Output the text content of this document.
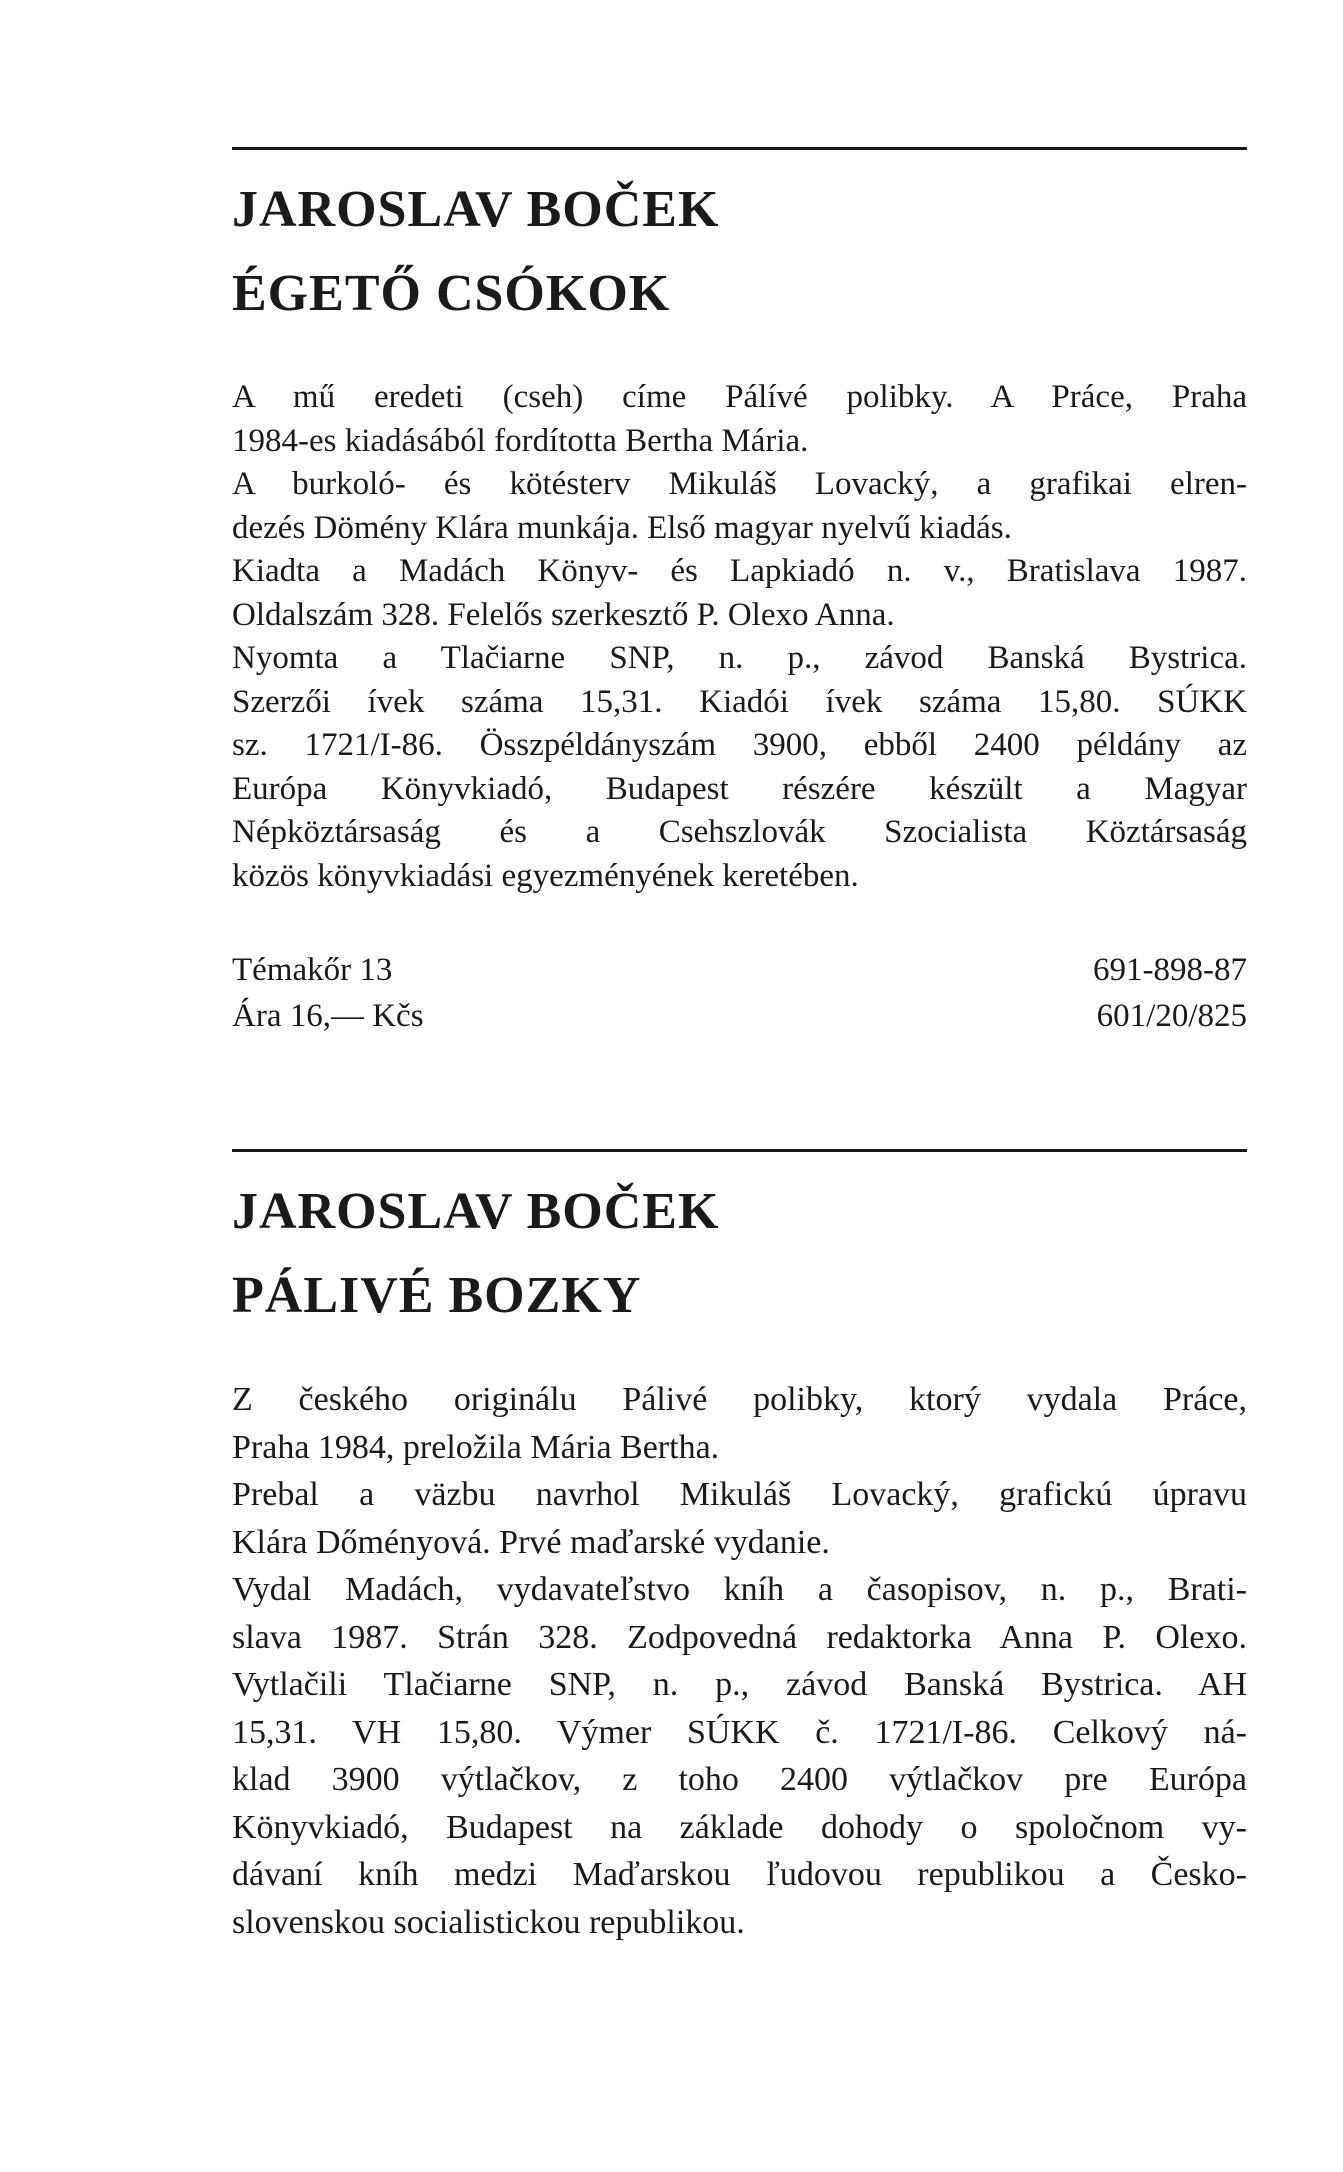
JAROSLAV BOČEK
ÉGETŐ CSÓKOK
A mű eredeti (cseh) címe Pálívé polibky. A Práce, Praha
1984-es kiadásából fordította Bertha Mária.
A burkoló- és kötésterv Mikuláš Lovacký, a grafikai elren-
dezés Dömény Klára munkája. Első magyar nyelvű kiadás.
Kiadta a Madách Könyv- és Lapkiadó n. v., Bratislava 1987.
Oldalszám 328. Felelős szerkesztő P. Olexo Anna.
Nyomta a Tlačiarne SNP, n. p., závod Banská Bystrica.
Szerzői ívek száma 15,31. Kiadói ívek száma 15,80. SÚKK
sz. 1721/I-86. Összpéldányszám 3900, ebből 2400 példány az
Európa Könyvkiadó, Budapest részére készült a Magyar
Népköztársaság és a Csehszlovák Szocialista Köztársaság
közös könyvkiadási egyezményének keretében.
Témakőr 13	691-898-87
Ára 16,— Kčs	601/20/825
JAROSLAV BOČEK
PÁLIVÉ BOZKY
Z českého originálu Pálivé polibky, ktorý vydala Práce,
Praha 1984, preložila Mária Bertha.
Prebal a väzbu navrhol Mikuláš Lovacký, grafickú úpravu
Klára Dőményová. Prvé maďarské vydanie.
Vydal Madách, vydavateľstvo kníh a časopisov, n. p., Brati-
slava 1987. Strán 328. Zodpovedná redaktorka Anna P. Olexo.
Vytlačili Tlačiarne SNP, n. p., závod Banská Bystrica. AH
15,31. VH 15,80. Výmer SÚKK č. 1721/I-86. Celkový ná-
klad 3900 výtlačkov, z toho 2400 výtlačkov pre Európa
Könyvkiadó, Budapest na základe dohody o spoločnom vy-
dávaní kníh medzi Maďarskou ľudovou republikou a Česko-
slovenskou socialistickou republikou.
